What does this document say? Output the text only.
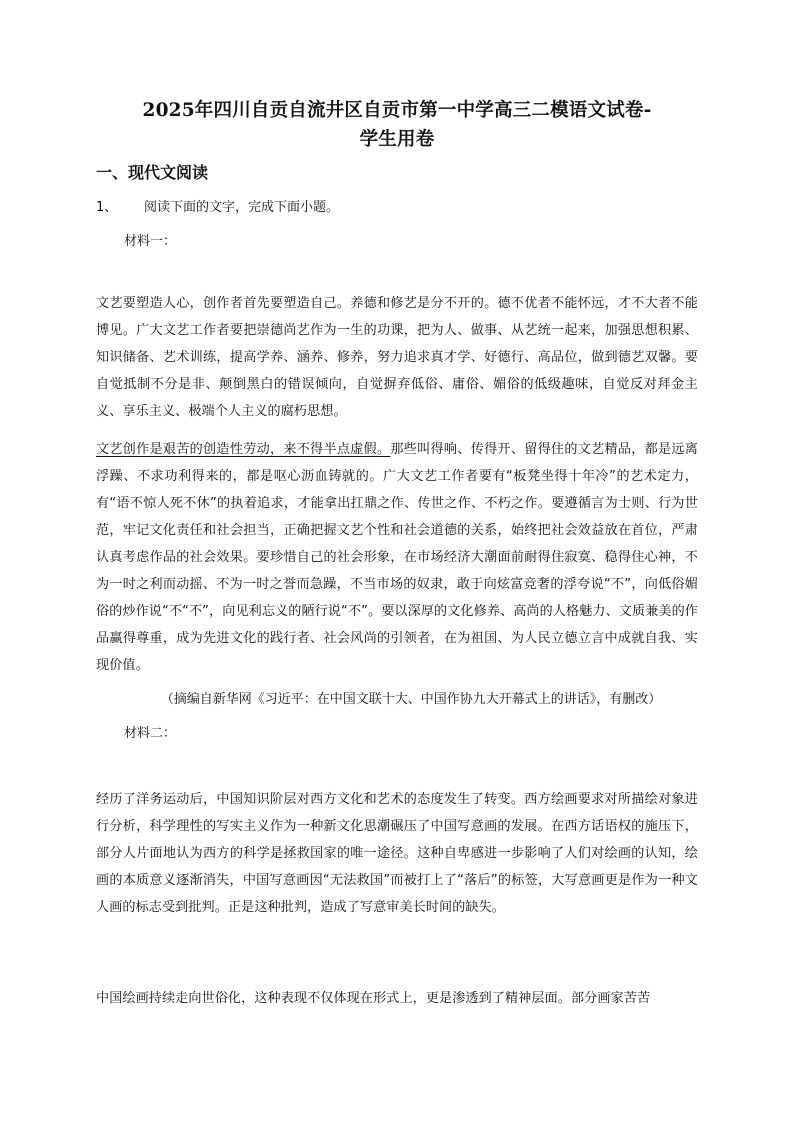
2025年四川自贡自流井区自贡市第一中学高三二模语文试卷-
学生用卷
一、现代文阅读
1、 阅读下面的文字，完成下面小题。
材料一：
文艺要塑造人心，创作者首先要塑造自己。养德和修艺是分不开的。德不优者不能怀远，才不大者不能博见。广大文艺工作者要把崇德尚艺作为一生的功课，把为人、做事、从艺统一起来，加强思想积累、知识储备、艺术训练，提高学养、涵养、修养，努力追求真才学、好德行、高品位，做到德艺双馨。要自觉抵制不分是非、颠倒黑白的错误倾向，自觉摒弃低俗、庸俗、媚俗的低级趣味，自觉反对拜金主义、享乐主义、极端个人主义的腐朽思想。
文艺创作是艰苦的创造性劳动，来不得半点虚假。那些叫得响、传得开、留得住的文艺精品，都是远离浮躁、不求功利得来的，都是呕心沥血铸就的。广大文艺工作者要有“板凳坐得十年冷”的艺术定力，有“语不惊人死不休”的执着追求，才能拿出扛鼎之作、传世之作、不朽之作。要遵循言为士则、行为世范，牢记文化责任和社会担当，正确把握文艺个性和社会道德的关系，始终把社会效益放在首位，严肃认真考虑作品的社会效果。要珍惜自己的社会形象，在市场经济大潮面前耐得住寂寞、稳得住心神，不为一时之利而动摇、不为一时之誉而急躁，不当市场的奴隶，敢于向炫富竞奢的浮夸说“不”，向低俗媚俗的炒作说“不“不”，向见利忘义的陋行说“不”。要以深厚的文化修养、高尚的人格魅力、文质兼美的作品赢得尊重，成为先进文化的践行者、社会风尚的引领者，在为祖国、为人民立德立言中成就自我、实现价值。
（摘编自新华网《习近平：在中国文联十大、中国作协九大开幕式上的讲话》，有删改）
材料二：
经历了洋务运动后，中国知识阶层对西方文化和艺术的态度发生了转变。西方绘画要求对所描绘对象进行分析，科学理性的写实主义作为一种新文化思潮碾压了中国写意画的发展。在西方话语权的施压下，部分人片面地认为西方的科学是拯救国家的唯一途径。这种自卑感进一步影响了人们对绘画的认知，绘画的本质意义逐渐消失，中国写意画因“无法救国”而被打上了“落后”的标签，大写意画更是作为一种文人画的标志受到批判。正是这种批判，造成了写意审美长时间的缺失。
中国绘画持续走向世俗化，这种表现不仅体现在形式上，更是渗透到了精神层面。部分画家苦苦
